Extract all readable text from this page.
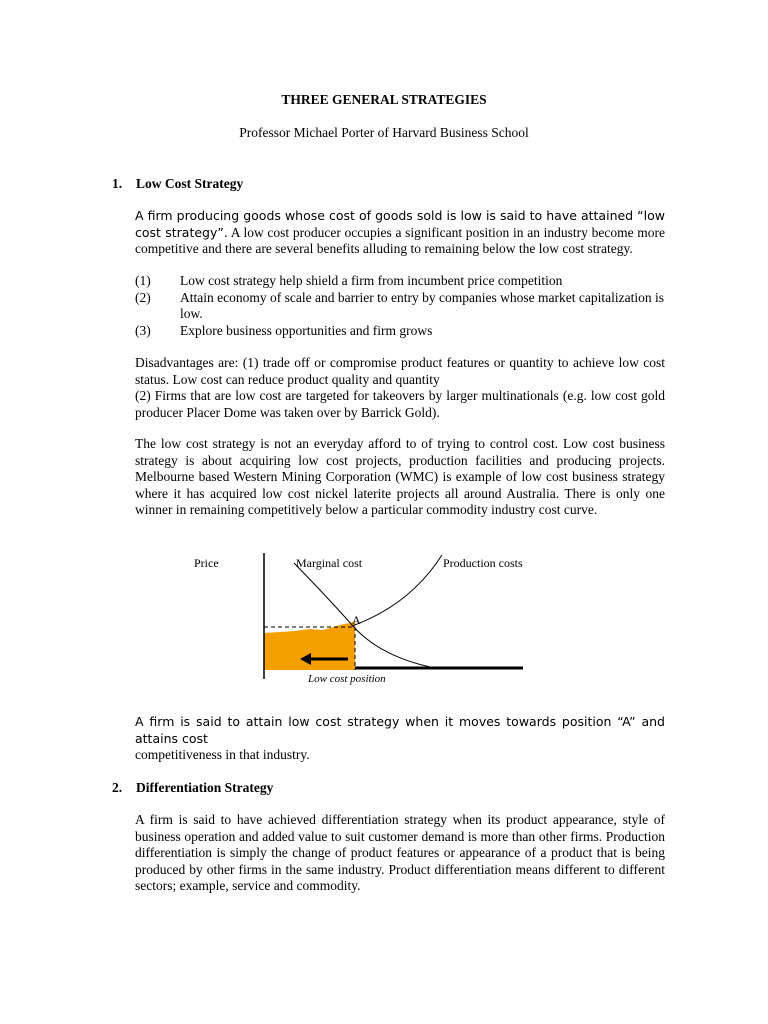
THREE GENERAL STRATEGIES
Professor Michael Porter of Harvard Business School
1. Low Cost Strategy
A firm producing goods whose cost of goods sold is low is said to have attained “low cost strategy”. A low cost producer occupies a significant position in an industry become more competitive and there are several benefits alluding to remaining below the low cost strategy.
(1)	Low cost strategy help shield a firm from incumbent price competition
(2)	Attain economy of scale and barrier to entry by companies whose market capitalization is low.
(3)	Explore business opportunities and firm grows
Disadvantages are: (1) trade off or compromise product features or quantity to achieve low cost status. Low cost can reduce product quality and quantity
(2) Firms that are low cost are targeted for takeovers by larger multinationals (e.g. low cost gold producer Placer Dome was taken over by Barrick Gold).
The low cost strategy is not an everyday afford to of trying to control cost. Low cost business strategy is about acquiring low cost projects, production facilities and producing projects. Melbourne based Western Mining Corporation (WMC) is example of low cost business strategy where it has acquired low cost nickel laterite projects all around Australia. There is only one winner in remaining competitively below a particular commodity industry cost curve.
Price	Marginal cost	Production costs
A
Low cost position
A firm is said to attain low cost strategy when it moves towards position “A” and attains cost
competitiveness in that industry.
2. Differentiation Strategy
A firm is said to have achieved differentiation strategy when its product appearance, style of business operation and added value to suit customer demand is more than other firms. Production differentiation is simply the change of product features or appearance of a product that is being produced by other firms in the same industry. Product differentiation means different to different sectors; example, service and commodity.
